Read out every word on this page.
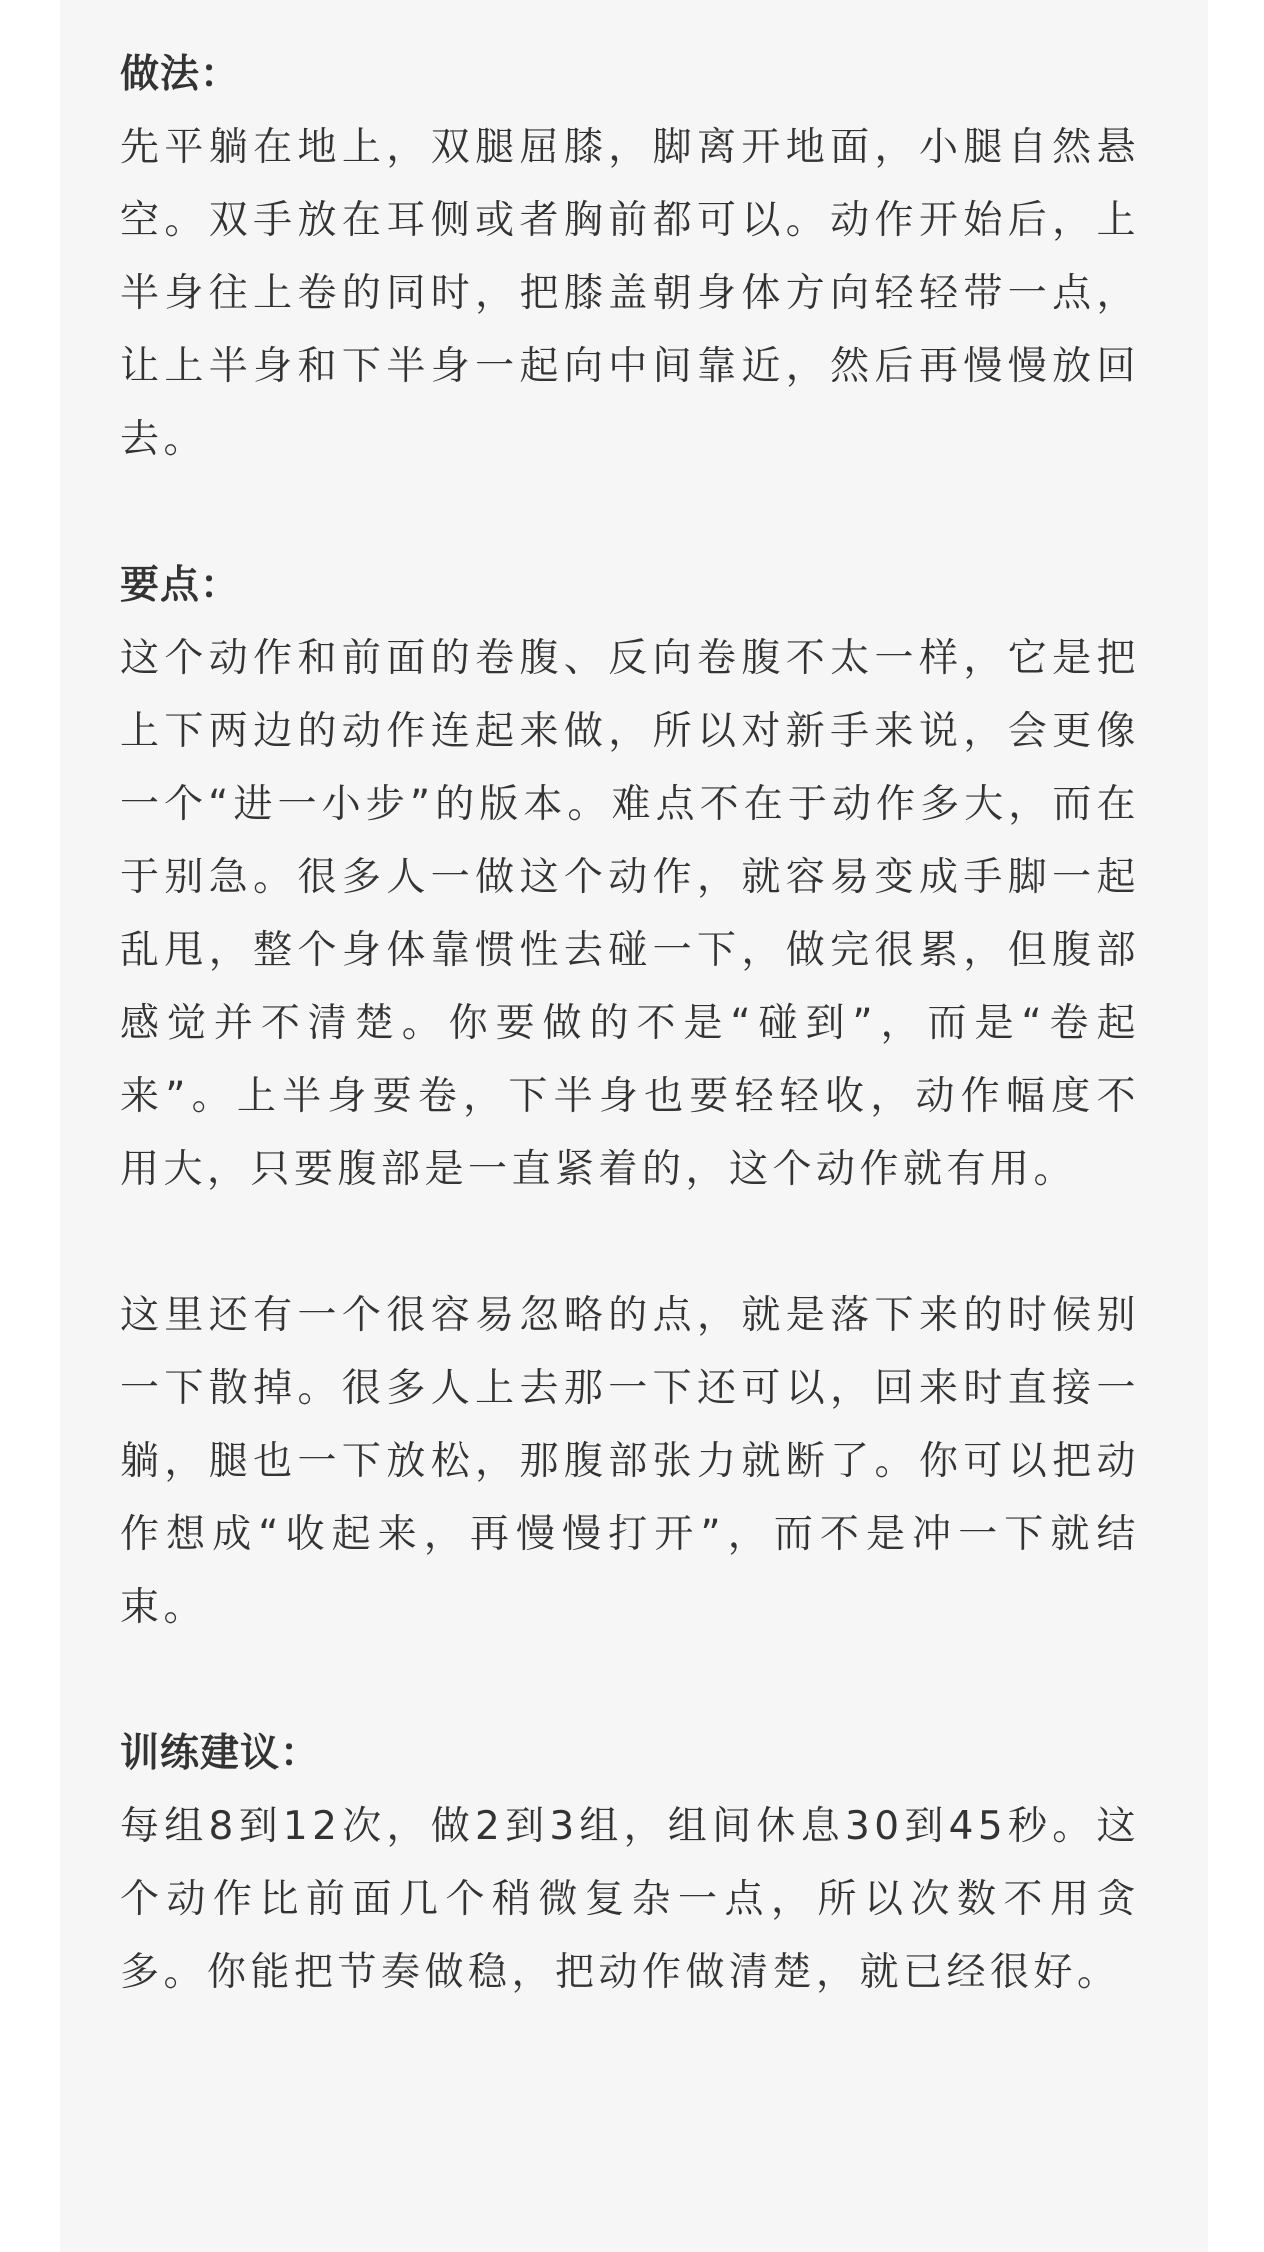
做法：

先平躺在地上，双腿屈膝，脚离开地面，小腿自然悬空。双手放在耳侧或者胸前都可以。动作开始后，上半身往上卷的同时，把膝盖朝身体方向轻轻带一点，让上半身和下半身一起向中间靠近，然后再慢慢放回去。

要点：

这个动作和前面的卷腹、反向卷腹不太一样，它是把上下两边的动作连起来做，所以对新手来说，会更像一个“进一小步”的版本。难点不在于动作多大，而在于别急。很多人一做这个动作，就容易变成手脚一起乱甩，整个身体靠惯性去碰一下，做完很累，但腹部感觉并不清楚。你要做的不是“碰到”，而是“卷起来”。上半身要卷，下半身也要轻轻收，动作幅度不用大，只要腹部是一直紧着的，这个动作就有用。

这里还有一个很容易忽略的点，就是落下来的时候别一下散掉。很多人上去那一下还可以，回来时直接一躺，腿也一下放松，那腹部张力就断了。你可以把动作想成“收起来，再慢慢打开”，而不是冲一下就结束。

训练建议：

每组8到12次，做2到3组，组间休息30到45秒。这个动作比前面几个稍微复杂一点，所以次数不用贪多。你能把节奏做稳，把动作做清楚，就已经很好。
